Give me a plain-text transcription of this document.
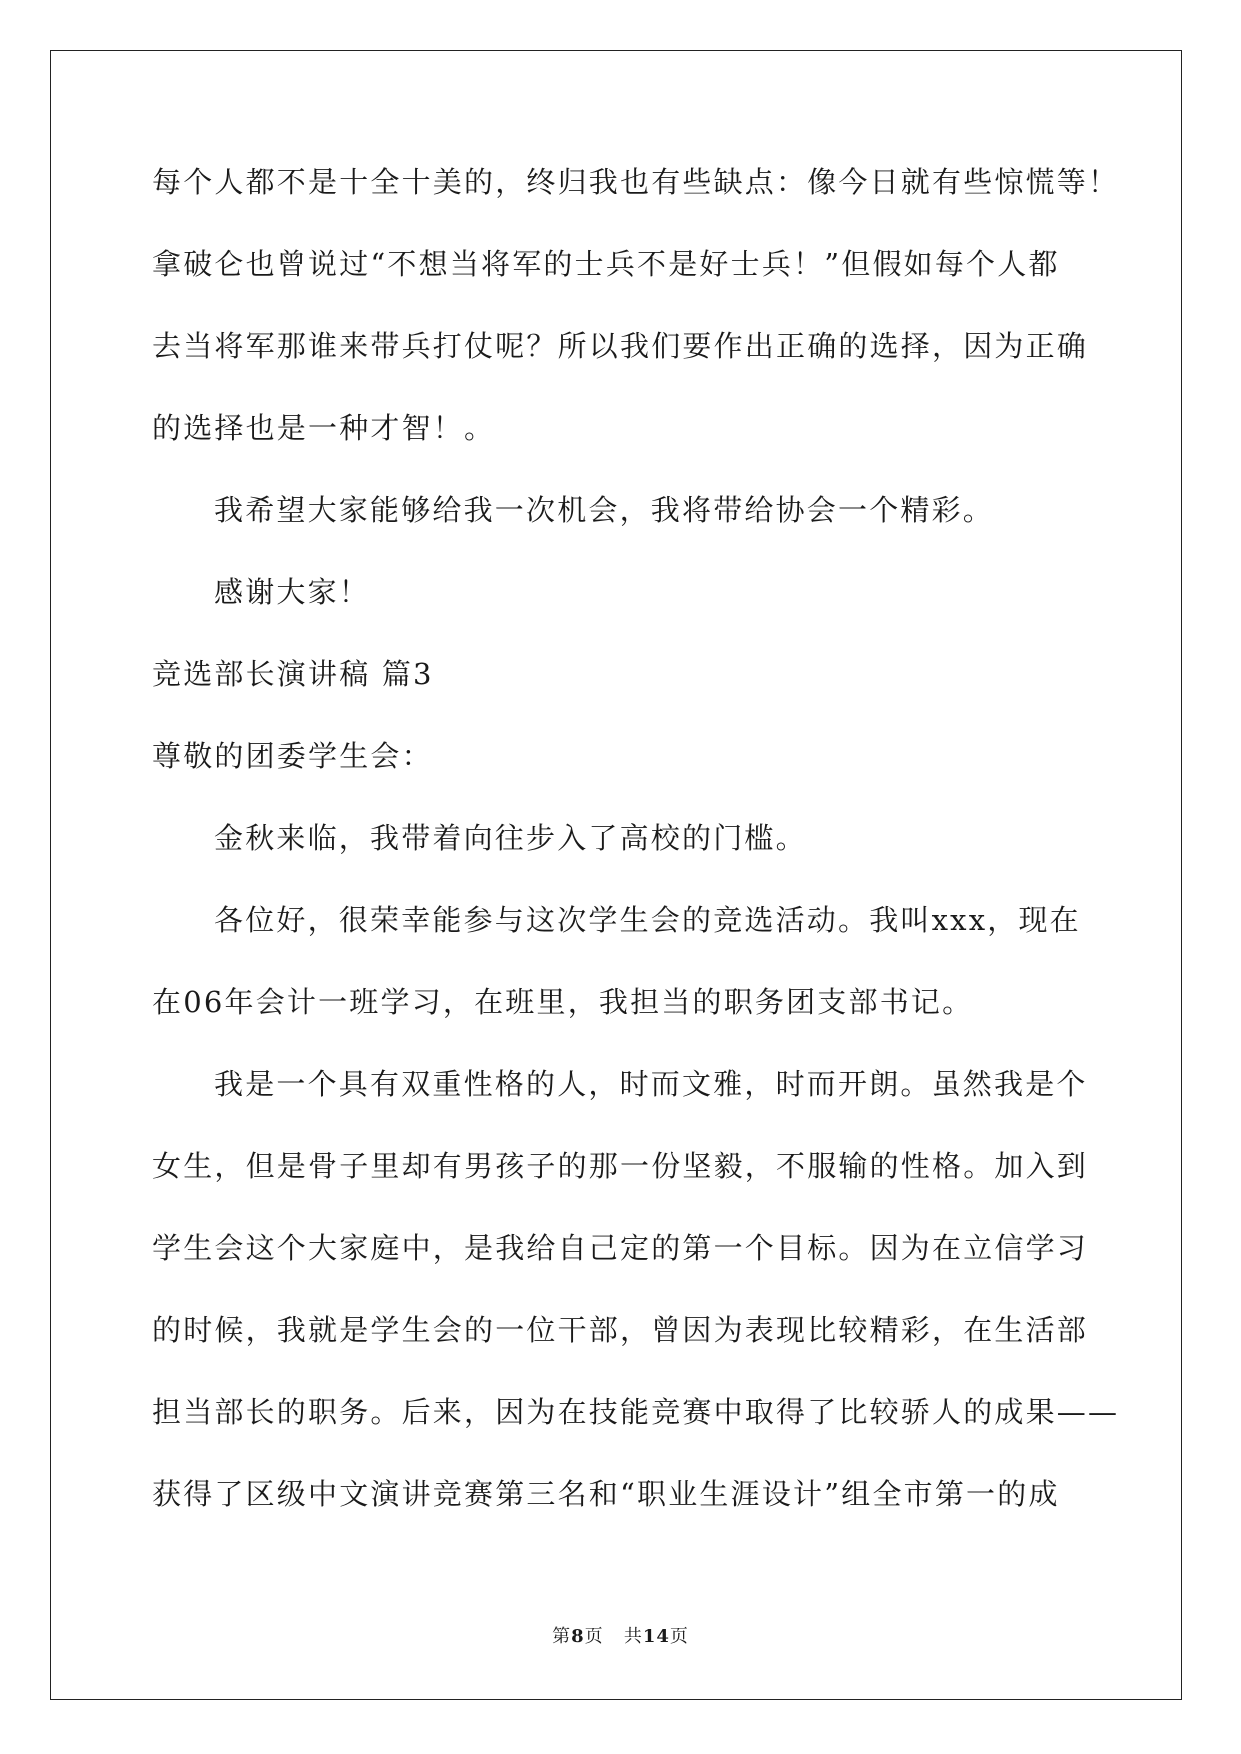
每个人都不是十全十美的，终归我也有些缺点：像今日就有些惊慌等！
拿破仑也曾说过“不想当将军的士兵不是好士兵！”但假如每个人都
去当将军那谁来带兵打仗呢？所以我们要作出正确的选择，因为正确
的选择也是一种才智！。
我希望大家能够给我一次机会，我将带给协会一个精彩。
感谢大家！
竞选部长演讲稿 篇3
尊敬的团委学生会：
金秋来临，我带着向往步入了高校的门槛。
各位好，很荣幸能参与这次学生会的竞选活动。我叫xxx，现在
在06年会计一班学习，在班里，我担当的职务团支部书记。
我是一个具有双重性格的人，时而文雅，时而开朗。虽然我是个
女生，但是骨子里却有男孩子的那一份坚毅，不服输的性格。加入到
学生会这个大家庭中，是我给自己定的第一个目标。因为在立信学习
的时候，我就是学生会的一位干部，曾因为表现比较精彩，在生活部
担当部长的职务。后来，因为在技能竞赛中取得了比较骄人的成果——
获得了区级中文演讲竞赛第三名和“职业生涯设计”组全市第一的成
第8页 共14页
